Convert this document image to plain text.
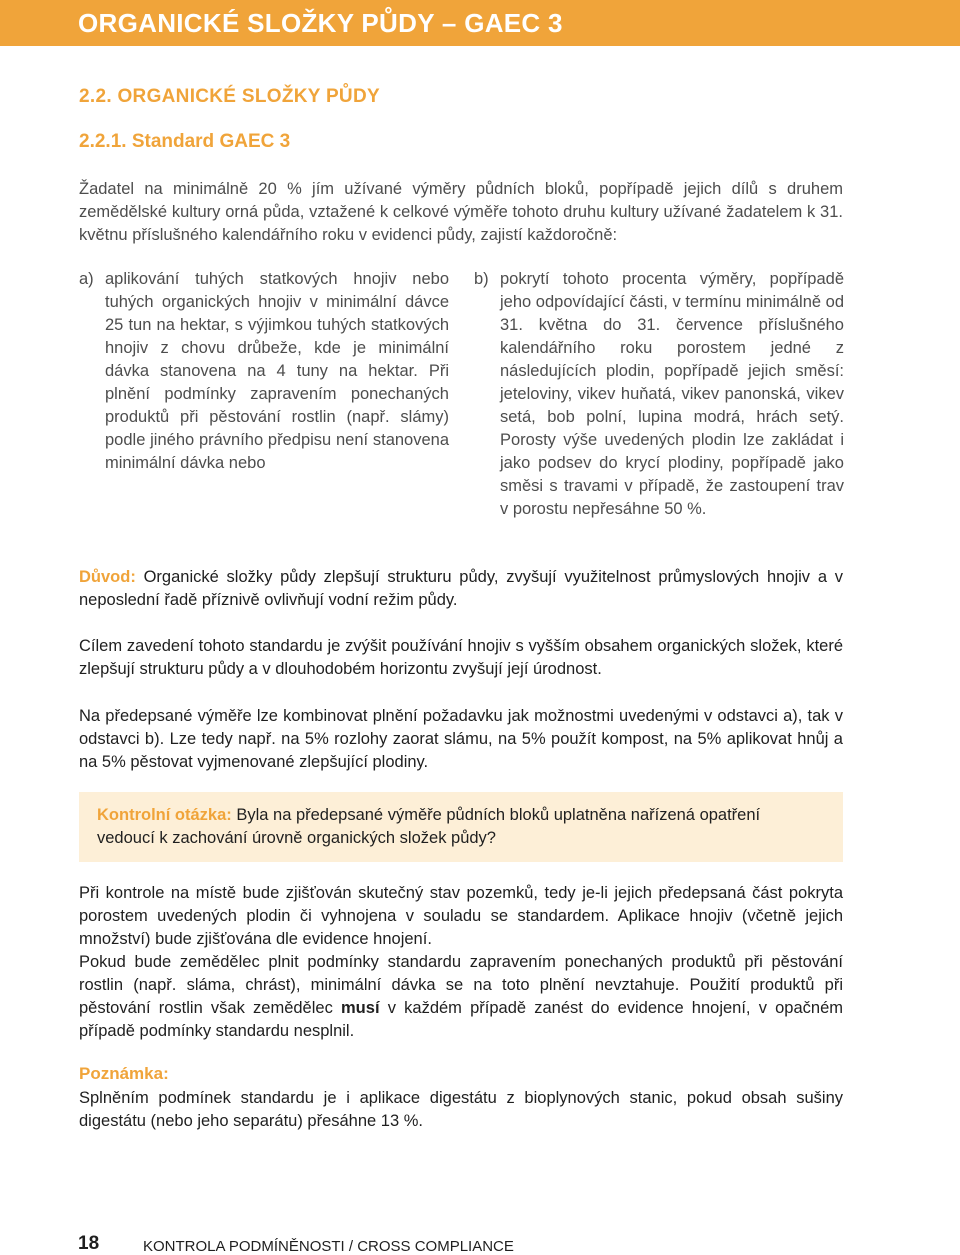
ORGANICKÉ SLOŽKY PŮDY – GAEC 3
2.2. ORGANICKÉ SLOŽKY PŮDY
2.2.1. Standard GAEC 3

Žadatel na minimálně 20 % jím užívané výměry půdních bloků, popřípadě jejich dílů s druhem zemědělské kultury orná půda, vztažené k celkové výměře tohoto druhu kultury užívané žadatelem k 31. květnu příslušného kalendářního roku v evidenci půdy, zajistí každoročně:

a) aplikování tuhých statkových hnojiv nebo tuhých organických hnojiv v minimální dávce 25 tun na hektar, s výjimkou tuhých statkových hnojiv z chovu drůbeže, kde je minimální dávka stanovena na 4 tuny na hektar. Při plnění podmínky zapravením ponechaných produktů při pěstování rostlin (např. slámy) podle jiného právního předpisu není stanovena minimální dávka nebo
b) pokrytí tohoto procenta výměry, popřípadě jeho odpovídající části, v termínu minimálně od 31. května do 31. července příslušného kalendářního roku porostem jedné z následujících plodin, popřípadě jejich směsí: jeteloviny, vikev huňatá, vikev panonská, vikev setá, bob polní, lupina modrá, hrách setý. Porosty výše uvedených plodin lze zakládat i jako podsev do krycí plodiny, popřípadě jako směsi s travami v případě, že zastoupení trav v porostu nepřesáhne 50 %.

Důvod: Organické složky půdy zlepšují strukturu půdy, zvyšují využitelnost průmyslových hnojiv a v neposlední řadě příznivě ovlivňují vodní režim půdy.

Cílem zavedení tohoto standardu je zvýšit používání hnojiv s vyšším obsahem organických složek, které zlepšují strukturu půdy a v dlouhodobém horizontu zvyšují její úrodnost.

Na předepsané výměře lze kombinovat plnění požadavku jak možnostmi uvedenými v odstavci a), tak v odstavci b). Lze tedy např. na 5% rozlohy zaorat slámu, na 5% použít kompost, na 5% aplikovat hnůj a na 5% pěstovat vyjmenované zlepšující plodiny.

Kontrolní otázka: Byla na předepsané výměře půdních bloků uplatněna nařízená opatření vedoucí k zachování úrovně organických složek půdy?

Při kontrole na místě bude zjišťován skutečný stav pozemků, tedy je-li jejich předepsaná část pokryta porostem uvedených plodin či vyhnojena v souladu se standardem. Aplikace hnojiv (včetně jejich množství) bude zjišťována dle evidence hnojení.

Pokud bude zemědělec plnit podmínky standardu zapravením ponechaných produktů při pěstování rostlin (např. sláma, chrást), minimální dávka se na toto plnění nevztahuje. Použití produktů při pěstování rostlin však zemědělec musí v každém případě zanést do evidence hnojení, v opačném případě podmínky standardu nesplnil.

Poznámka:

Splněním podmínek standardu je i aplikace digestátu z bioplynových stanic, pokud obsah sušiny digestátu (nebo jeho separátu) přesáhne 13 %.

18	KONTROLA PODMÍNĚNOSTI / CROSS COMPLIANCE
